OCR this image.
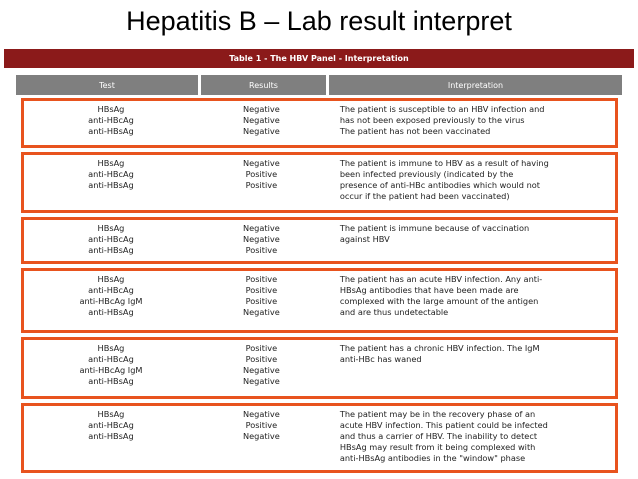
Hepatitis B – Lab result interpret
Table 1 - The HBV Panel - Interpretation
Test	Results	Interpretation
HBsAg
anti-HBcAg
anti-HBsAg
Negative
Negative
Negative
The patient is susceptible to an HBV infection and
has not been exposed previously to the virus
The patient has not been vaccinated
HBsAg
anti-HBcAg
anti-HBsAg
Negative
Positive
Positive
The patient is immune to HBV as a result of having
been infected previously (indicated by the
presence of anti-HBc antibodies which would not
occur if the patient had been vaccinated)
HBsAg
anti-HBcAg
anti-HBsAg
Negative
Negative
Positive
The patient is immune because of vaccination
against HBV
HBsAg
anti-HBcAg
anti-HBcAg IgM
anti-HBsAg
Positive
Positive
Positive
Negative
The patient has an acute HBV infection. Any anti-
HBsAg antibodies that have been made are
complexed with the large amount of the antigen
and are thus undetectable
HBsAg
anti-HBcAg
anti-HBcAg IgM
anti-HBsAg
Positive
Positive
Negative
Negative
The patient has a chronic HBV infection. The IgM
anti-HBc has waned
HBsAg
anti-HBcAg
anti-HBsAg
Negative
Positive
Negative
The patient may be in the recovery phase of an
acute HBV infection. This patient could be infected
and thus a carrier of HBV. The inability to detect
HBsAg may result from it being complexed with
anti-HBsAg antibodies in the "window" phase
